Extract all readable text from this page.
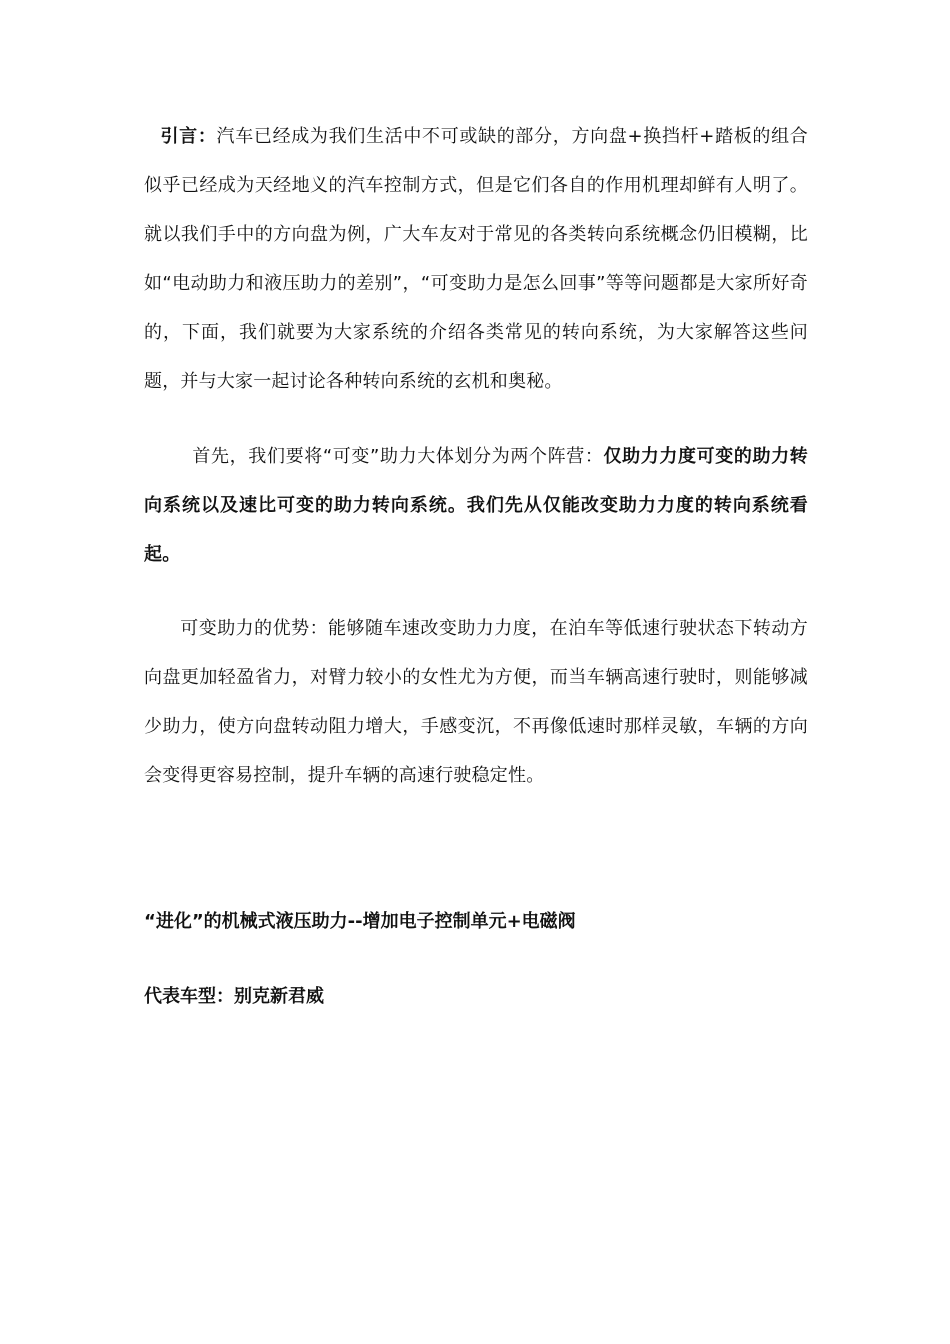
引言：汽车已经成为我们生活中不可或缺的部分，方向盘+换挡杆+踏板的组合似乎已经成为天经地义的汽车控制方式，但是它们各自的作用机理却鲜有人明了。就以我们手中的方向盘为例，广大车友对于常见的各类转向系统概念仍旧模糊，比如“电动助力和液压助力的差别”，“可变助力是怎么回事”等等问题都是大家所好奇的，下面，我们就要为大家系统的介绍各类常见的转向系统，为大家解答这些问题，并与大家一起讨论各种转向系统的玄机和奥秘。

首先，我们要将“可变”助力大体划分为两个阵营：仅助力力度可变的助力转向系统以及速比可变的助力转向系统。我们先从仅能改变助力力度的转向系统看起。

可变助力的优势：能够随车速改变助力力度，在泊车等低速行驶状态下转动方向盘更加轻盈省力，对臂力较小的女性尤为方便，而当车辆高速行驶时，则能够减少助力，使方向盘转动阻力增大，手感变沉，不再像低速时那样灵敏，车辆的方向会变得更容易控制，提升车辆的高速行驶稳定性。

“进化”的机械式液压助力--增加电子控制单元+电磁阀
代表车型：别克新君威
